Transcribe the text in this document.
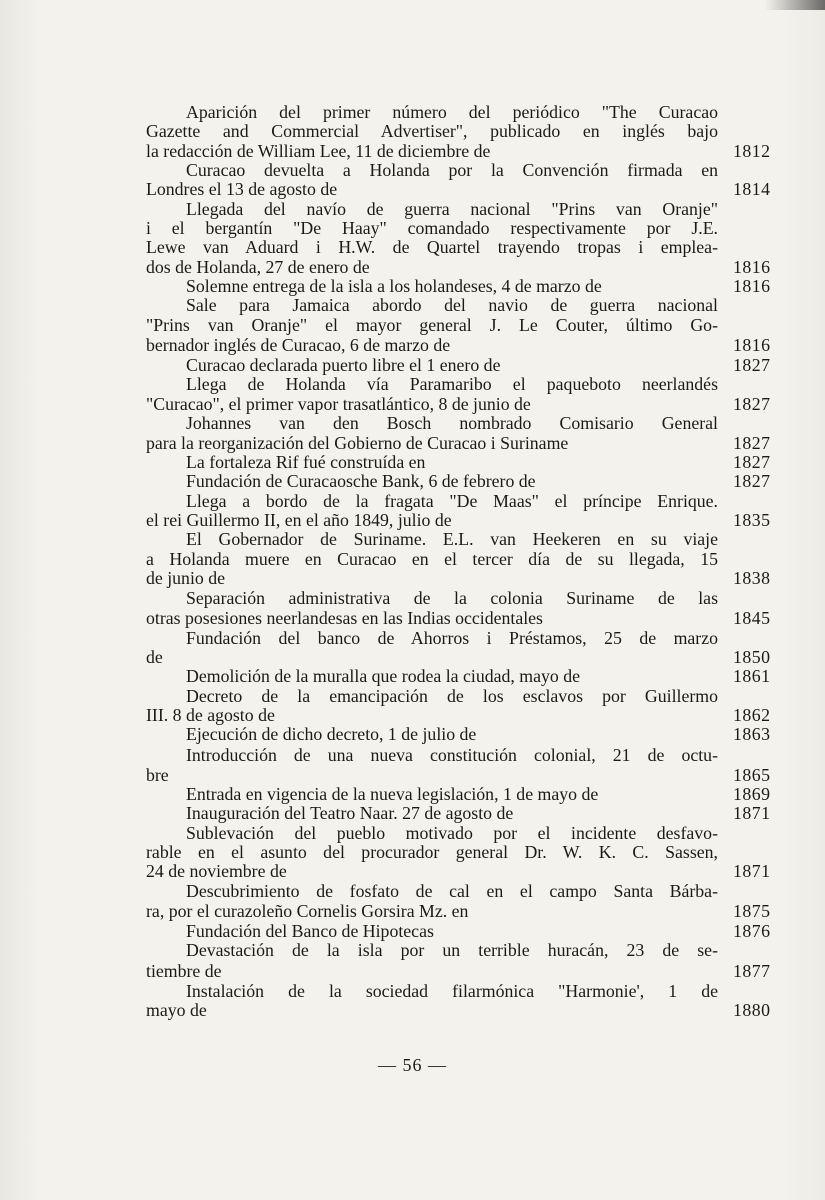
Aparición del primer número del periódico "The Curacao
Gazette and Commercial Advertiser", publicado en inglés bajo
la redacción de William Lee, 11 de diciembre de	1812
Curacao devuelta a Holanda por la Convención firmada en
Londres el 13 de agosto de	1814
Llegada del navío de guerra nacional "Prins van Oranje"
i el bergantín "De Haay" comandado respectivamente por J.E.
Lewe van Aduard i H.W. de Quartel trayendo tropas i emplea-
dos de Holanda, 27 de enero de	1816
Solemne entrega de la isla a los holandeses, 4 de marzo de	1816
Sale para Jamaica abordo del navio de guerra nacional
"Prins van Oranje" el mayor general J. Le Couter, último Go-
bernador inglés de Curacao, 6 de marzo de	1816
Curacao declarada puerto libre el 1 enero de	1827
Llega de Holanda vía Paramaribo el paqueboto neerlandés
"Curacao", el primer vapor trasatlántico, 8 de junio de	1827
Johannes van den Bosch nombrado Comisario General
para la reorganización del Gobierno de Curacao i Suriname	1827
La fortaleza Rif fué construída en	1827
Fundación de Curacaosche Bank, 6 de febrero de	1827
Llega a bordo de la fragata "De Maas" el príncipe Enrique.
el rei Guillermo II, en el año 1849, julio de	1835
El Gobernador de Suriname. E.L. van Heekeren en su viaje
a Holanda muere en Curacao en el tercer día de su llegada, 15
de junio de	1838
Separación administrativa de la colonia Suriname de las
otras posesiones neerlandesas en las Indias occidentales	1845
Fundación del banco de Ahorros i Préstamos, 25 de marzo
de	1850
Demolición de la muralla que rodea la ciudad, mayo de	1861
Decreto de la emancipación de los esclavos por Guillermo
III. 8 de agosto de	1862
Ejecución de dicho decreto, 1 de julio de	1863
Introducción de una nueva constitución colonial, 21 de octu-
bre	1865
Entrada en vigencia de la nueva legislación, 1 de mayo de	1869
Inauguración del Teatro Naar. 27 de agosto de	1871
Sublevación del pueblo motivado por el incidente desfavo-
rable en el asunto del procurador general Dr. W. K. C. Sassen,
24 de noviembre de	1871
Descubrimiento de fosfato de cal en el campo Santa Bárba-
ra, por el curazoleño Cornelis Gorsira Mz. en	1875
Fundación del Banco de Hipotecas	1876
Devastación de la isla por un terrible huracán, 23 de se-
tiembre de	1877
Instalación de la sociedad filarmónica "Harmonie', 1 de
mayo de	1880
— 56 —
